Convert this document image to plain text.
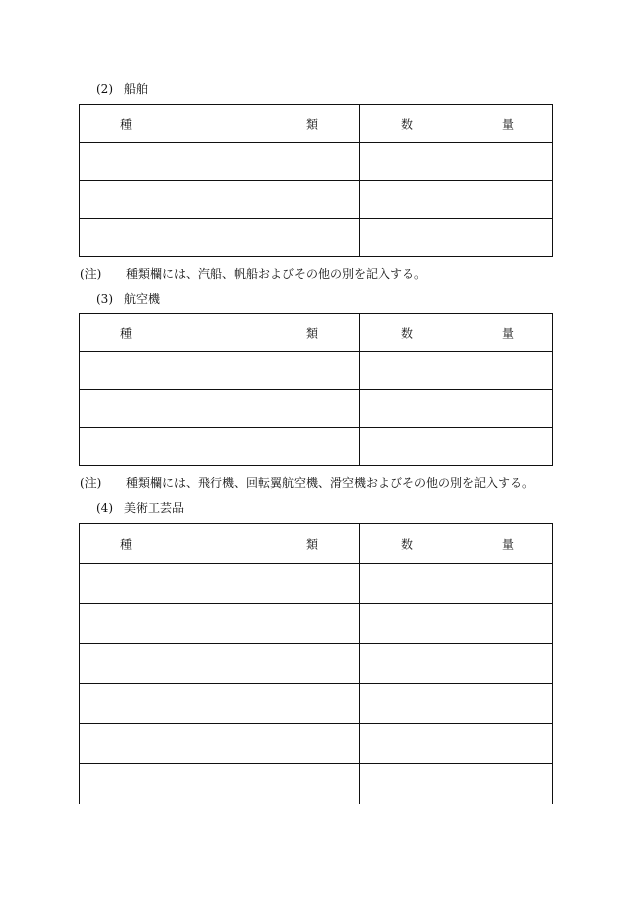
(2) 船舶
種 類	数 量

(注) 種類欄には、汽船、帆船およびその他の別を記入する。
(3) 航空機
種 類	数 量

(注) 種類欄には、飛行機、回転翼航空機、滑空機およびその他の別を記入する。
(4) 美術工芸品
種 類	数 量
